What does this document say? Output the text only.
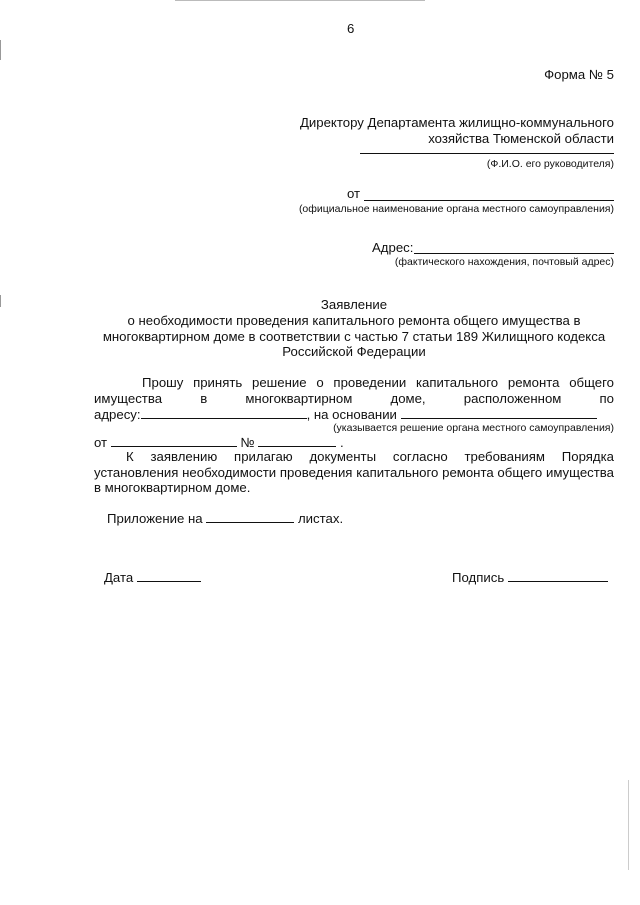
6
Форма № 5
Директору Департамента жилищно-коммунального
хозяйства Тюменской области
(Ф.И.О. его руководителя)
от
(официальное наименование органа местного самоуправления)
Адрес:
(фактического нахождения, почтовый адрес)
Заявление
о необходимости проведения капитального ремонта общего имущества в
многоквартирном доме в соответствии с частью 7 статьи 189 Жилищного кодекса
Российской Федерации
Прошу принять решение о проведении капитального ремонта общего
имущества в многоквартирном доме, расположенном по
адресу:	, на основании
(указывается решение органа местного самоуправления)
от	№	.
К заявлению прилагаю документы согласно требованиям Порядка
установления необходимости проведения капитального ремонта общего имущества
в многоквартирном доме.
Приложение на	листах.
Дата	Подпись
